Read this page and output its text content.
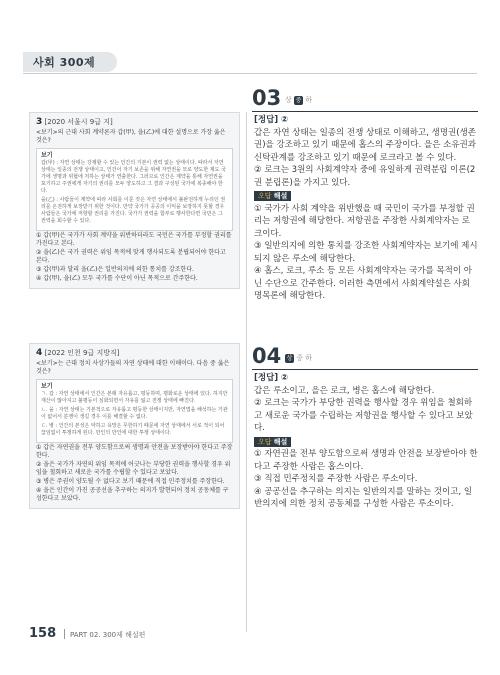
사회 300제
3 [2020 서울시 9급 지]
<보기>의 근대 사회 계약론자 갑(甲), 을(乙)에 대한 설명으로 가장 옳은 것은?
보기

갑(甲) : 자연 상태는 강제할 수 있는 인간의 기본이 권력 없는 상태이다. 따라서 자연 상태는 일종의 전쟁 상태이고, 인간이 자기 보존을 위해 자연권을 모로 양도한 제도 국가에 생명과 위협에 처하는 상태가 연출한다. 그러므로 인간은 계약을 통해 자연권을 포기하고 주권에게 자기의 권리를 모두 양도하고 그 결과 구성된 국가에 복종해야 한다.

을(乙) : 사람들이 계약에 따라 사회를 이룬 것은 자연 상태에서 불완전하게 누리던 권리를 온전하게 보장받기 위한 것이다. 만약 국가가 공공의 이익을 보장하지 못할 경우 사람들은 국가에 저항할 권리를 가진다. 국가가 권력을 함부로 행사한다면 국민은 그 권력을 회수할 수 있다.

① 갑(甲)은 국가가 사회 계약을 위반하더라도 국민은 국가를 부정할 권리를 가진다고 본다.
② 을(乙)은 국가 권력은 위임 목적에 맞게 행사되도록 분립되어야 한다고 본다.
③ 갑(甲)과 달리 을(乙)은 일반의지에 의한 통치를 강조한다.
④ 갑(甲), 을(乙) 모두 국가를 수단이 아닌 목적으로 간주한다.
4 [2022 인천 9급 지방직]
<보기>는 근대 정치 사상가들의 자연 상태에 대한 이해이다. 다음 중 옳은 것은?
보기

ㄱ. 갑 : 자연 상태에서 인간은 본래 자유롭고, 평등하며, 평화로운 상태에 있다. 하지만 재산이 많아지고 불평등이 심화되면서 자유를 잃고 전쟁 상태에 빠진다.

ㄴ. 을 : 자연 상태는 기본적으로 자유롭고 평등한 상태이지만, 자연법을 해석하는 기관이 없어서 분쟁이 생길 경우 이를 해결할 수 없다.

ㄷ. 병 : 인간의 본성은 악하고 욕망은 무한하기 때문에 자연 상태에서 서로 적이 되어 끊임없이 투쟁하게 된다. 만인의 만인에 대한 투쟁 상태이다.

① 갑은 자연권을 전부 양도함으로써 생명과 안전을 보장받아야 한다고 주장한다.
② 을은 국가가 자연의 위임 목적에 어긋나는 부당한 권력을 행사할 경우 위임을 철회하고 새로운 국가를 수립할 수 있다고 보았다.
③ 병은 주권이 양도될 수 없다고 보기 때문에 직접 민주정치를 주장한다.
④ 을은 인간이 가진 공공선을 추구하는 의지가 발현되어 정치 공동체를 구성한다고 보았다.
03 상 중 하

[정답] ②

갑은 자연 상태는 일종의 전쟁 상태로 이해하고, 생명권(생존권)을 강조하고 있기 때문에 홉스의 주장이다. 을은 소유권과 신탁관계를 강조하고 있기 때문에 로크라고 볼 수 있다.

② 로크는 3원의 사회계약자 중에 유일하게 권력분립 이론(2권 분립론)을 가지고 있다.

오답 해설

① 국가가 사회 계약을 위반했을 때 국민이 국가를 부정할 권리는 저항권에 해당한다. 저항권을 주장한 사회계약자는 로크이다.

③ 일반의지에 의한 통치를 강조한 사회계약자는 보기에 제시되지 않은 루소에 해당한다.

④ 홉스, 로크, 루소 등 모든 사회계약자는 국가를 목적이 아닌 수단으로 간주한다. 이러한 측면에서 사회계약설은 사회명목론에 해당한다.

04 상 중 하

[정답] ②

갑은 루소이고, 을은 로크, 병은 홉스에 해당한다.

② 로크는 국가가 부당한 권력을 행사할 경우 위임을 철회하고 새로운 국가를 수립하는 저항권을 행사할 수 있다고 보았다.

오답 해설

① 자연권을 전부 양도함으로써 생명과 안전을 보장받아야 한다고 주장한 사람은 홉스이다.

③ 직접 민주정치를 주장한 사람은 루소이다.

④ 공공선을 추구하는 의지는 일반의지를 말하는 것이고, 일반의지에 의한 정치 공동체를 구성한 사람은 루소이다.

158 PART 02. 300제 해설편
